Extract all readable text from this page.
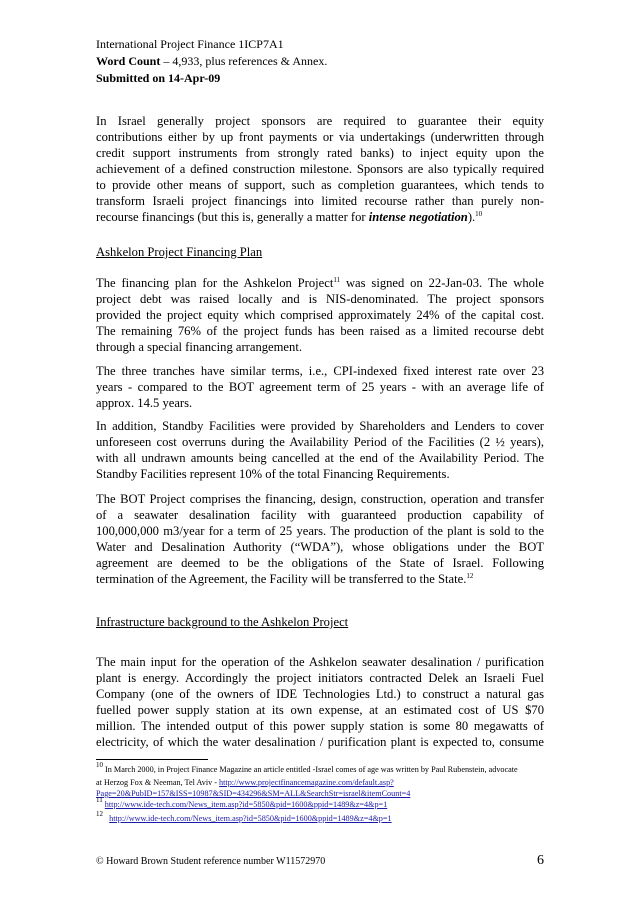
International Project Finance 1ICP7A1
Word Count – 4,933, plus references & Annex.
Submitted on 14-Apr-09
In Israel generally project sponsors are required to guarantee their equity
contributions either by up front payments or via undertakings (underwritten through
credit support instruments from strongly rated banks) to inject equity upon the
achievement of a defined construction milestone. Sponsors are also typically required
to provide other means of support, such as completion guarantees, which tends to
transform Israeli project financings into limited recourse rather than purely non-
recourse financings (but this is, generally a matter for intense negotiation).$^{10}$
Ashkelon Project Financing Plan
The financing plan for the Ashkelon Project$^{11}$ was signed on 22-Jan-03. The whole
project debt was raised locally and is NIS-denominated. The project sponsors
provided the project equity which comprised approximately 24% of the capital cost.
The remaining 76% of the project funds has been raised as a limited recourse debt
through a special financing arrangement.
The three tranches have similar terms, i.e., CPI-indexed fixed interest rate over 23
years - compared to the BOT agreement term of 25 years - with an average life of
approx. 14.5 years.
In addition, Standby Facilities were provided by Shareholders and Lenders to cover
unforeseen cost overruns during the Availability Period of the Facilities (2 ½ years),
with all undrawn amounts being cancelled at the end of the Availability Period. The
Standby Facilities represent 10% of the total Financing Requirements.
The BOT Project comprises the financing, design, construction, operation and transfer
of a seawater desalination facility with guaranteed production capability of
100,000,000 m3/year for a term of 25 years. The production of the plant is sold to the
Water and Desalination Authority (“WDA”), whose obligations under the BOT
agreement are deemed to be the obligations of the State of Israel. Following
termination of the Agreement, the Facility will be transferred to the State.$^{12}$
Infrastructure background to the Ashkelon Project
The main input for the operation of the Ashkelon seawater desalination / purification
plant is energy. Accordingly the project initiators contracted Delek an Israeli Fuel
Company (one of the owners of IDE Technologies Ltd.) to construct a natural gas
fuelled power supply station at its own expense, at an estimated cost of US $70
million. The intended output of this power supply station is some 80 megawatts of
electricity, of which the water desalination / purification plant is expected to, consume
$^{10}$ In March 2000, in Project Finance Magazine an article entitled -Israel comes of age was written by Paul Rubenstein, advocate
at Herzog Fox & Neeman, Tel Aviv - http://www.projectfinancemagazine.com/default.asp?
Page=20&PubID=157&ISS=10987&SID=434296&SM=ALL&SearchStr=israel&itemCount=4
$^{11}$ http://www.ide-tech.com/News_item.asp?id=5850&pid=1600&ppid=1489&z=4&p=1
$^{12}$ http://www.ide-tech.com/News_item.asp?id=5850&pid=1600&ppid=1489&z=4&p=1
© Howard Brown Student reference number W11572970	6
